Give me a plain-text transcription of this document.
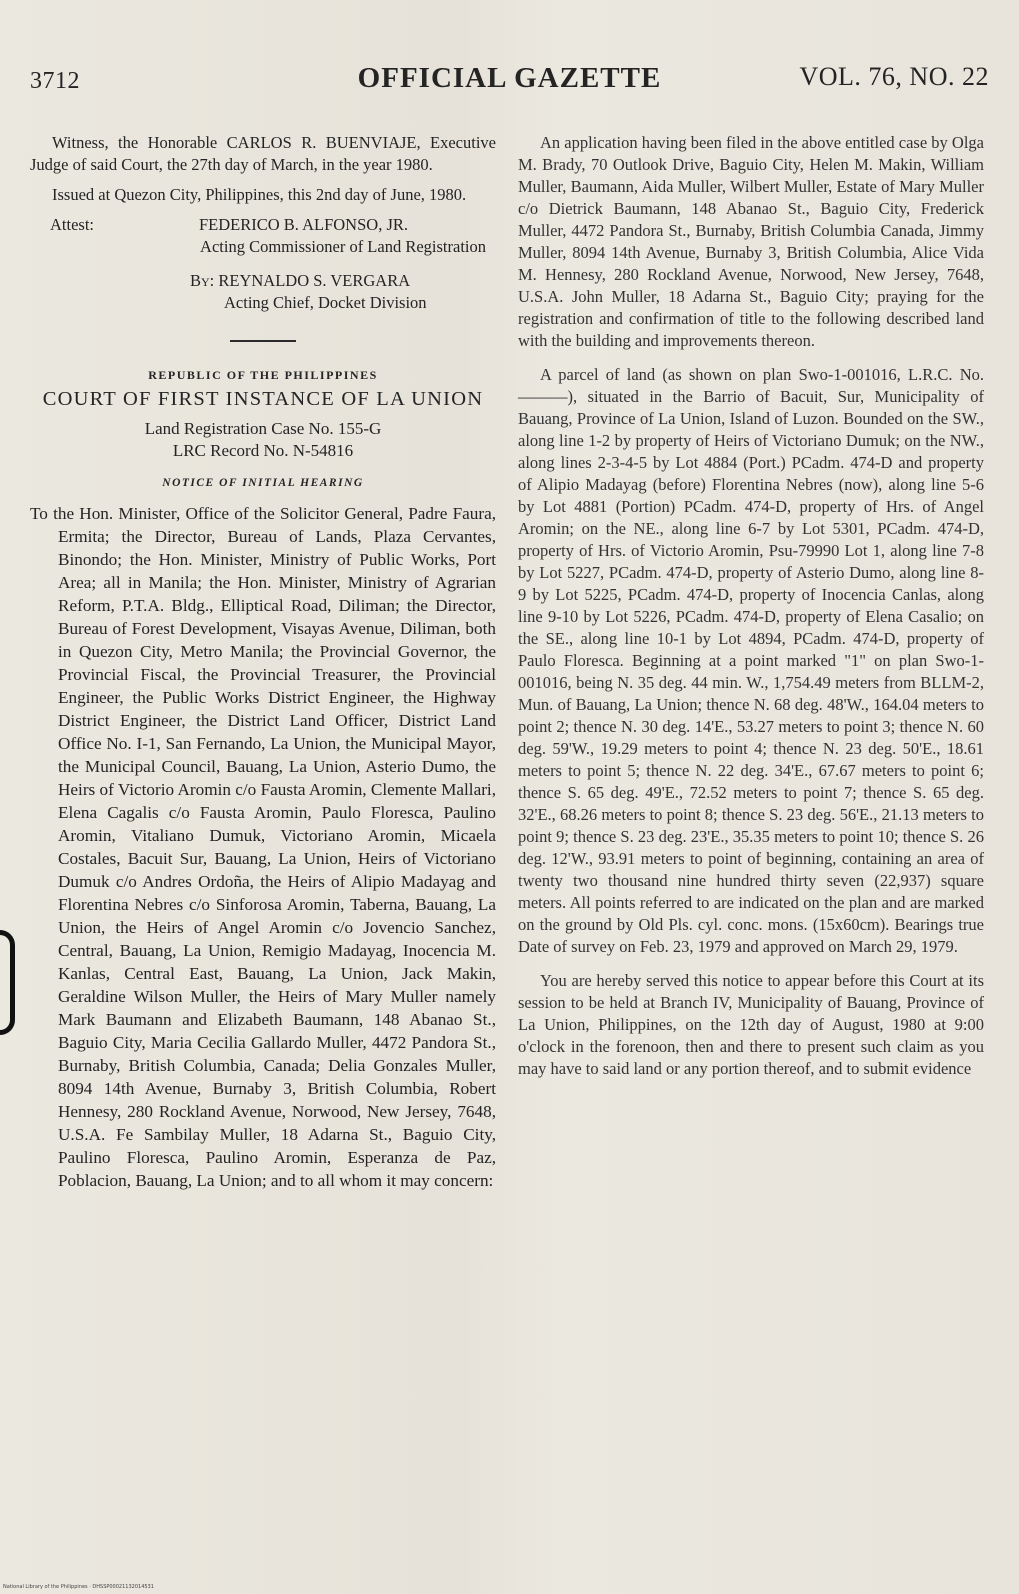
3712	OFFICIAL GAZETTE	VOL. 76, NO. 22

Witness, the Honorable CARLOS R. BUENVIAJE, Executive Judge of said Court, the 27th day of March, in the year 1980.

Issued at Quezon City, Philippines, this 2nd day of June, 1980.

Attest:	FEDERICO B. ALFONSO, JR.
Acting Commissioner of Land Registration
By: REYNALDO S. VERGARA
Acting Chief, Docket Division
REPUBLIC OF THE PHILIPPINES
COURT OF FIRST INSTANCE OF LA UNION
Land Registration Case No. 155-G
LRC Record No. N-54816
NOTICE OF INITIAL HEARING

To the Hon. Minister, Office of the Solicitor General, Padre Faura, Ermita; the Director, Bureau of Lands, Plaza Cervantes, Binondo; the Hon. Minister, Ministry of Public Works, Port Area; all in Manila; the Hon. Minister, Ministry of Agrarian Reform, P.T.A. Bldg., Elliptical Road, Diliman; the Director, Bureau of Forest Development, Visayas Avenue, Diliman, both in Quezon City, Metro Manila; the Provincial Governor, the Provincial Fiscal, the Provincial Treasurer, the Provincial Engineer, the Public Works District Engineer, the Highway District Engineer, the District Land Officer, District Land Office No. I-1, San Fernando, La Union, the Municipal Mayor, the Municipal Council, Bauang, La Union, Asterio Dumo, the Heirs of Victorio Aromin c/o Fausta Aromin, Clemente Mallari, Elena Cagalis c/o Fausta Aromin, Paulo Floresca, Paulino Aromin, Vitaliano Dumuk, Victoriano Aromin, Micaela Costales, Bacuit Sur, Bauang, La Union, Heirs of Victoriano Dumuk c/o Andres Ordoña, the Heirs of Alipio Madayag and Florentina Nebres c/o Sinforosa Aromin, Taberna, Bauang, La Union, the Heirs of Angel Aromin c/o Jovencio Sanchez, Central, Bauang, La Union, Remigio Madayag, Inocencia M. Kanlas, Central East, Bauang, La Union, Jack Makin, Geraldine Wilson Muller, the Heirs of Mary Muller namely Mark Baumann and Elizabeth Baumann, 148 Abanao St., Baguio City, Maria Cecilia Gallardo Muller, 4472 Pandora St., Burnaby, British Columbia, Canada; Delia Gonzales Muller, 8094 14th Avenue, Burnaby 3, British Columbia, Robert Hennesy, 280 Rockland Avenue, Norwood, New Jersey, 7648, U.S.A. Fe Sambilay Muller, 18 Adarna St., Baguio City, Paulino Floresca, Paulino Aromin, Esperanza de Paz, Poblacion, Bauang, La Union; and to all whom it may concern:

An application having been filed in the above entitled case by Olga M. Brady, 70 Outlook Drive, Baguio City, Helen M. Makin, William Muller, Baumann, Aida Muller, Wilbert Muller, Estate of Mary Muller c/o Dietrick Baumann, 148 Abanao St., Baguio City, Frederick Muller, 4472 Pandora St., Burnaby, British Columbia Canada, Jimmy Muller, 8094 14th Avenue, Burnaby 3, British Columbia, Alice Vida M. Hennesy, 280 Rockland Avenue, Norwood, New Jersey, 7648, U.S.A. John Muller, 18 Adarna St., Baguio City; praying for the registration and confirmation of title to the following described land with the building and improvements thereon.

A parcel of land (as shown on plan Swo-1-001016, L.R.C. No. ———), situated in the Barrio of Bacuit, Sur, Municipality of Bauang, Province of La Union, Island of Luzon. Bounded on the SW., along line 1-2 by property of Heirs of Victoriano Dumuk; on the NW., along lines 2-3-4-5 by Lot 4884 (Port.) PCadm. 474-D and property of Alipio Madayag (before) Florentina Nebres (now), along line 5-6 by Lot 4881 (Portion) PCadm. 474-D, property of Hrs. of Angel Aromin; on the NE., along line 6-7 by Lot 5301, PCadm. 474-D, property of Hrs. of Victorio Aromin, Psu-79990 Lot 1, along line 7-8 by Lot 5227, PCadm. 474-D, property of Asterio Dumo, along line 8-9 by Lot 5225, PCadm. 474-D, property of Inocencia Canlas, along line 9-10 by Lot 5226, PCadm. 474-D, property of Elena Casalio; on the SE., along line 10-1 by Lot 4894, PCadm. 474-D, property of Paulo Floresca. Beginning at a point marked "1" on plan Swo-1-001016, being N. 35 deg. 44 min. W., 1,754.49 meters from BLLM-2, Mun. of Bauang, La Union; thence N. 68 deg. 48'W., 164.04 meters to point 2; thence N. 30 deg. 14'E., 53.27 meters to point 3; thence N. 60 deg. 59'W., 19.29 meters to point 4; thence N. 23 deg. 50'E., 18.61 meters to point 5; thence N. 22 deg. 34'E., 67.67 meters to point 6; thence S. 65 deg. 49'E., 72.52 meters to point 7; thence S. 65 deg. 32'E., 68.26 meters to point 8; thence S. 23 deg. 56'E., 21.13 meters to point 9; thence S. 23 deg. 23'E., 35.35 meters to point 10; thence S. 26 deg. 12'W., 93.91 meters to point of beginning, containing an area of twenty two thousand nine hundred thirty seven (22,937) square meters. All points referred to are indicated on the plan and are marked on the ground by Old Pls. cyl. conc. mons. (15x60cm). Bearings true Date of survey on Feb. 23, 1979 and approved on March 29, 1979.

You are hereby served this notice to appear before this Court at its session to be held at Branch IV, Municipality of Bauang, Province of La Union, Philippines, on the 12th day of August, 1980 at 9:00 o'clock in the forenoon, then and there to present such claim as you may have to said land or any portion thereof, and to submit evidence

National Library of the Philippines · DHSSP00021132014531
